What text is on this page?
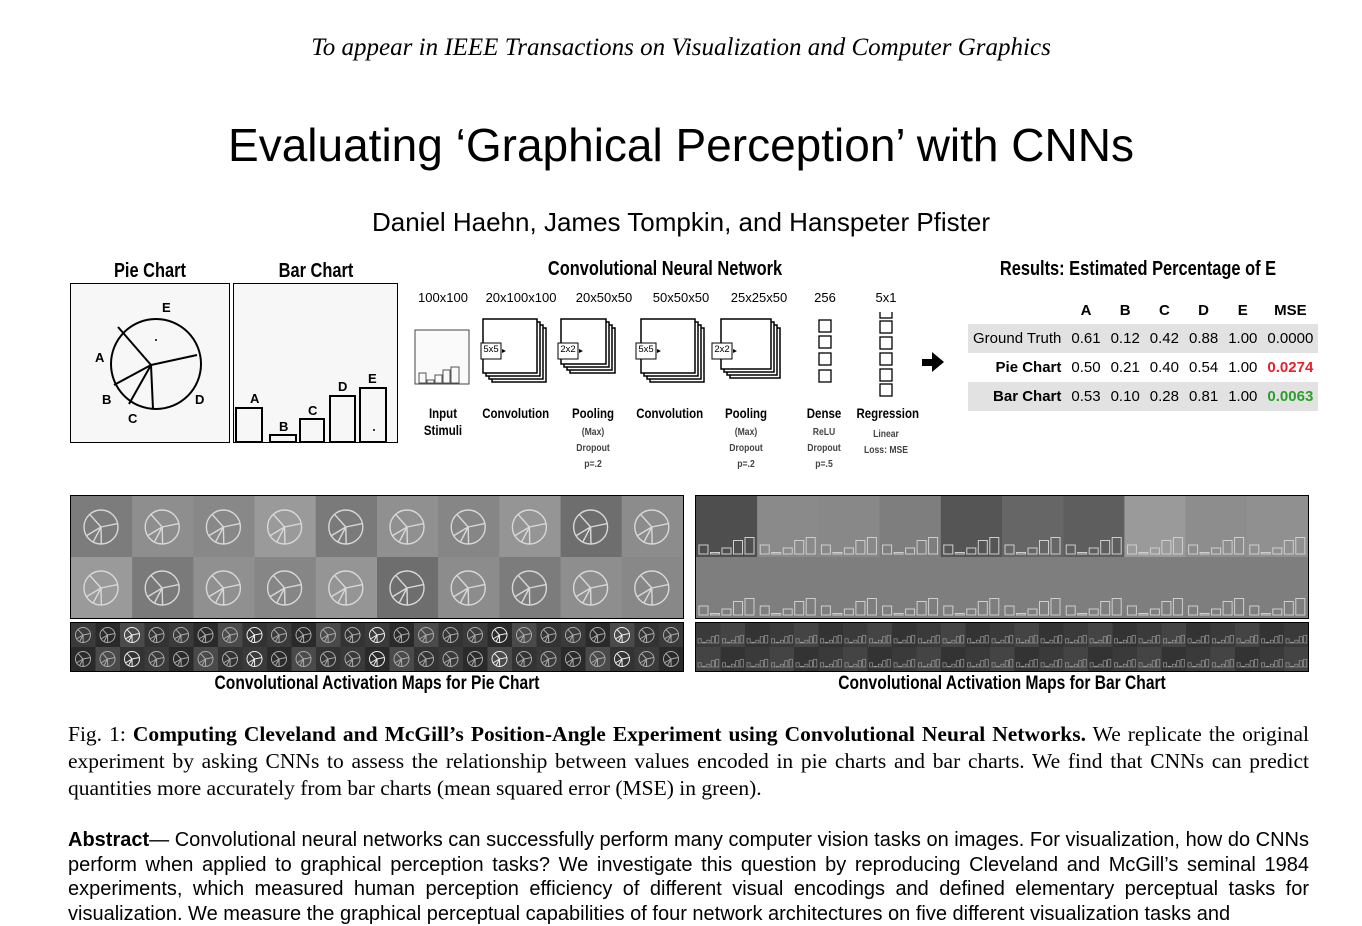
To appear in IEEE Transactions on Visualization and Computer Graphics
Evaluating ‘Graphical Perception’ with CNNs
Daniel Haehn, James Tompkin, and Hanspeter Pfister
Pie Chart
A
B
C
D
E
Bar Chart
A
B
C
D
E
Convolutional Neural Network
100x100	20x100x100	20x50x50	50x50x50	25x25x50	256	5x1
5x5	2x2	5x5	2x2
Input
Stimuli
Convolution Pooling Convolution Pooling	Dense Regression
(Max)
Dropout
p=.2
(Max)
Dropout
p=.2
ReLU
Dropout
p=.5
Linear
Loss: MSE
Results: Estimated Percentage of E
	A	B	C	D	E	MSE
Ground Truth	0.61	0.12	0.42	0.88	1.00	0.0000
Pie Chart	0.50	0.21	0.40	0.54	1.00	0.0274
Bar Chart	0.53	0.10	0.28	0.81	1.00	0.0063
Convolutional Activation Maps for Pie Chart	Convolutional Activation Maps for Bar Chart
Fig. 1: Computing Cleveland and McGill’s Position-Angle Experiment using Convolutional Neural Networks. We replicate the original experiment by asking CNNs to assess the relationship between values encoded in pie charts and bar charts. We find that CNNs can predict quantities more accurately from bar charts (mean squared error (MSE) in green).
Abstract— Convolutional neural networks can successfully perform many computer vision tasks on images. For visualization, how do CNNs perform when applied to graphical perception tasks? We investigate this question by reproducing Cleveland and McGill’s seminal 1984 experiments, which measured human perception efficiency of different visual encodings and defined elementary perceptual tasks for visualization. We measure the graphical perceptual capabilities of four network architectures on five different visualization tasks and
